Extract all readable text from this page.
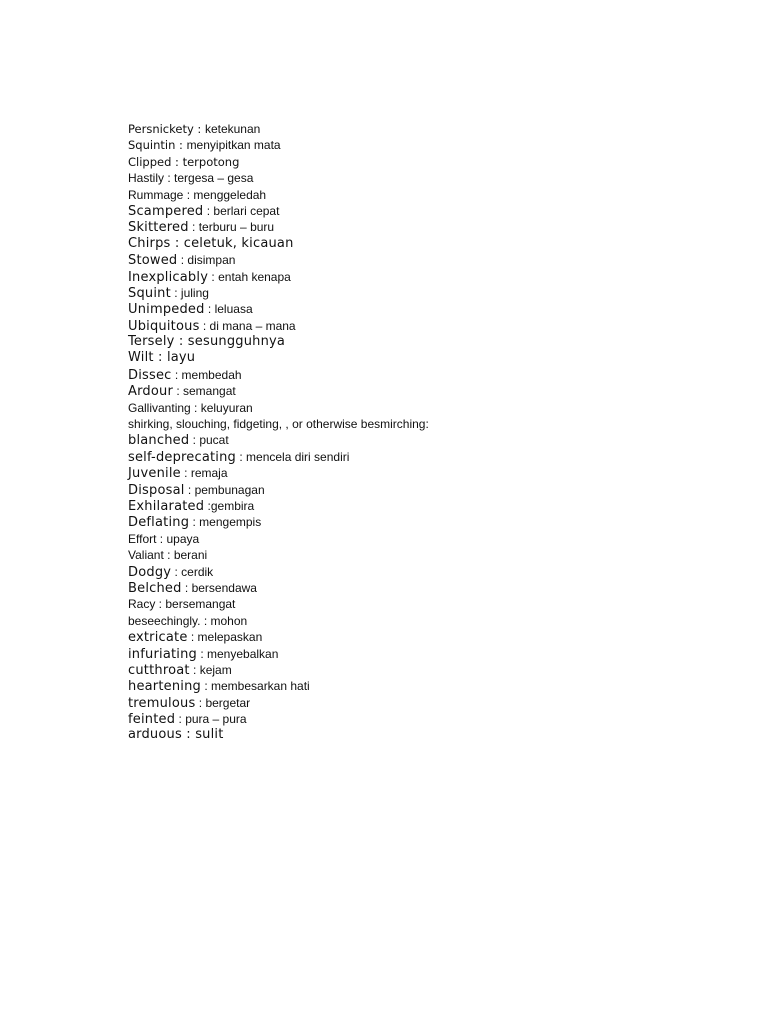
Persnickety : ketekunan
Squintin : menyipitkan mata
Clipped : terpotong
Hastily : tergesa – gesa
Rummage : menggeledah
Scampered : berlari cepat
Skittered : terburu – buru
Chirps : celetuk, kicauan
Stowed : disimpan
Inexplicably : entah kenapa
Squint : juling
Unimpeded : leluasa
Ubiquitous : di mana – mana
Tersely : sesungguhnya
Wilt : layu
Dissec : membedah
Ardour : semangat
Gallivanting : keluyuran
shirking, slouching, fidgeting, , or otherwise besmirching:
blanched : pucat
self-deprecating : mencela diri sendiri
Juvenile : remaja
Disposal : pembunagan
Exhilarated :gembira
Deflating : mengempis
Effort : upaya
Valiant : berani
Dodgy : cerdik
Belched : bersendawa
Racy : bersemangat
beseechingly. : mohon
extricate : melepaskan
infuriating : menyebalkan
cutthroat : kejam
heartening : membesarkan hati
tremulous : bergetar
feinted : pura – pura
arduous : sulit
